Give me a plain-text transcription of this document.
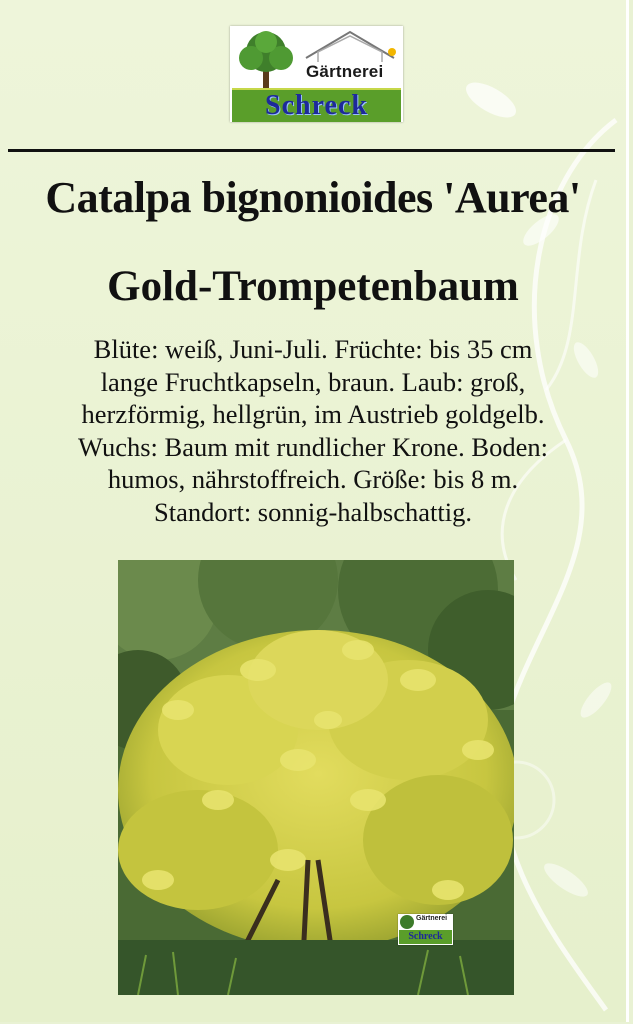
Gärtnerei
Schreck
Catalpa bignonioides 'Aurea'
Gold-Trompetenbaum
Blüte: weiß, Juni-Juli. Früchte: bis 35 cm
lange Fruchtkapseln, braun. Laub: groß,
herzförmig, hellgrün, im Austrieb goldgelb.
Wuchs: Baum mit rundlicher Krone. Boden:
humos, nährstoffreich. Größe: bis 8 m.
Standort: sonnig-halbschattig.
Gärtnerei
Schreck
